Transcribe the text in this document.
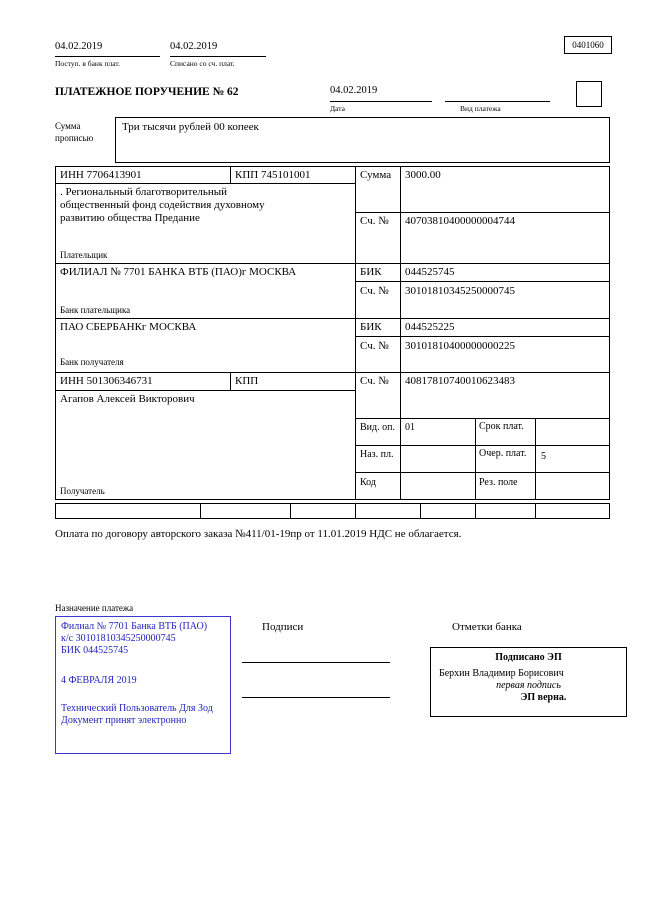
04.02.2019
Поступ. в банк плат.
04.02.2019
Списано со сч. плат.
0401060
ПЛАТЕЖНОЕ ПОРУЧЕНИЕ № 62	04.02.2019
Дата	Вид платежа
Сумма
прописью
Три тысячи рублей 00 копеек
ИНН 7706413901	КПП 745101001	Сумма 3000.00
. Региональный благотворительный общественный фонд содействия духовному развитию общества Предание	Сч. № 40703810400000004744
Плательщик
ФИЛИАЛ № 7701 БАНКА ВТБ (ПАО)г МОСКВА	БИК 044525745
Сч. № 30101810345250000745
Банк плательщика
ПАО СБЕРБАНКг МОСКВА	БИК 044525225
Сч. № 30101810400000000225
Банк получателя
ИНН 501306346731	КПП	Сч. № 40817810740010623483
Агапов Алексей Викторович
Получатель
Вид. оп. 01	Срок плат.
Наз. пл.	Очер. плат. 5
Код	Рез. поле
Оплата по договору авторского заказа №411/01-19пр от 11.01.2019 НДС не облагается.
Назначение платежа
Филиал № 7701 Банка ВТБ (ПАО)
к/с 30101810345250000745
БИК 044525745
4 ФЕВРАЛЯ 2019
Технический Пользователь Для Зод
Документ принят электронно
Подписи	Отметки банка
Подписано ЭП
Берхин Владимир Борисович
первая подпись
ЭП верна.
